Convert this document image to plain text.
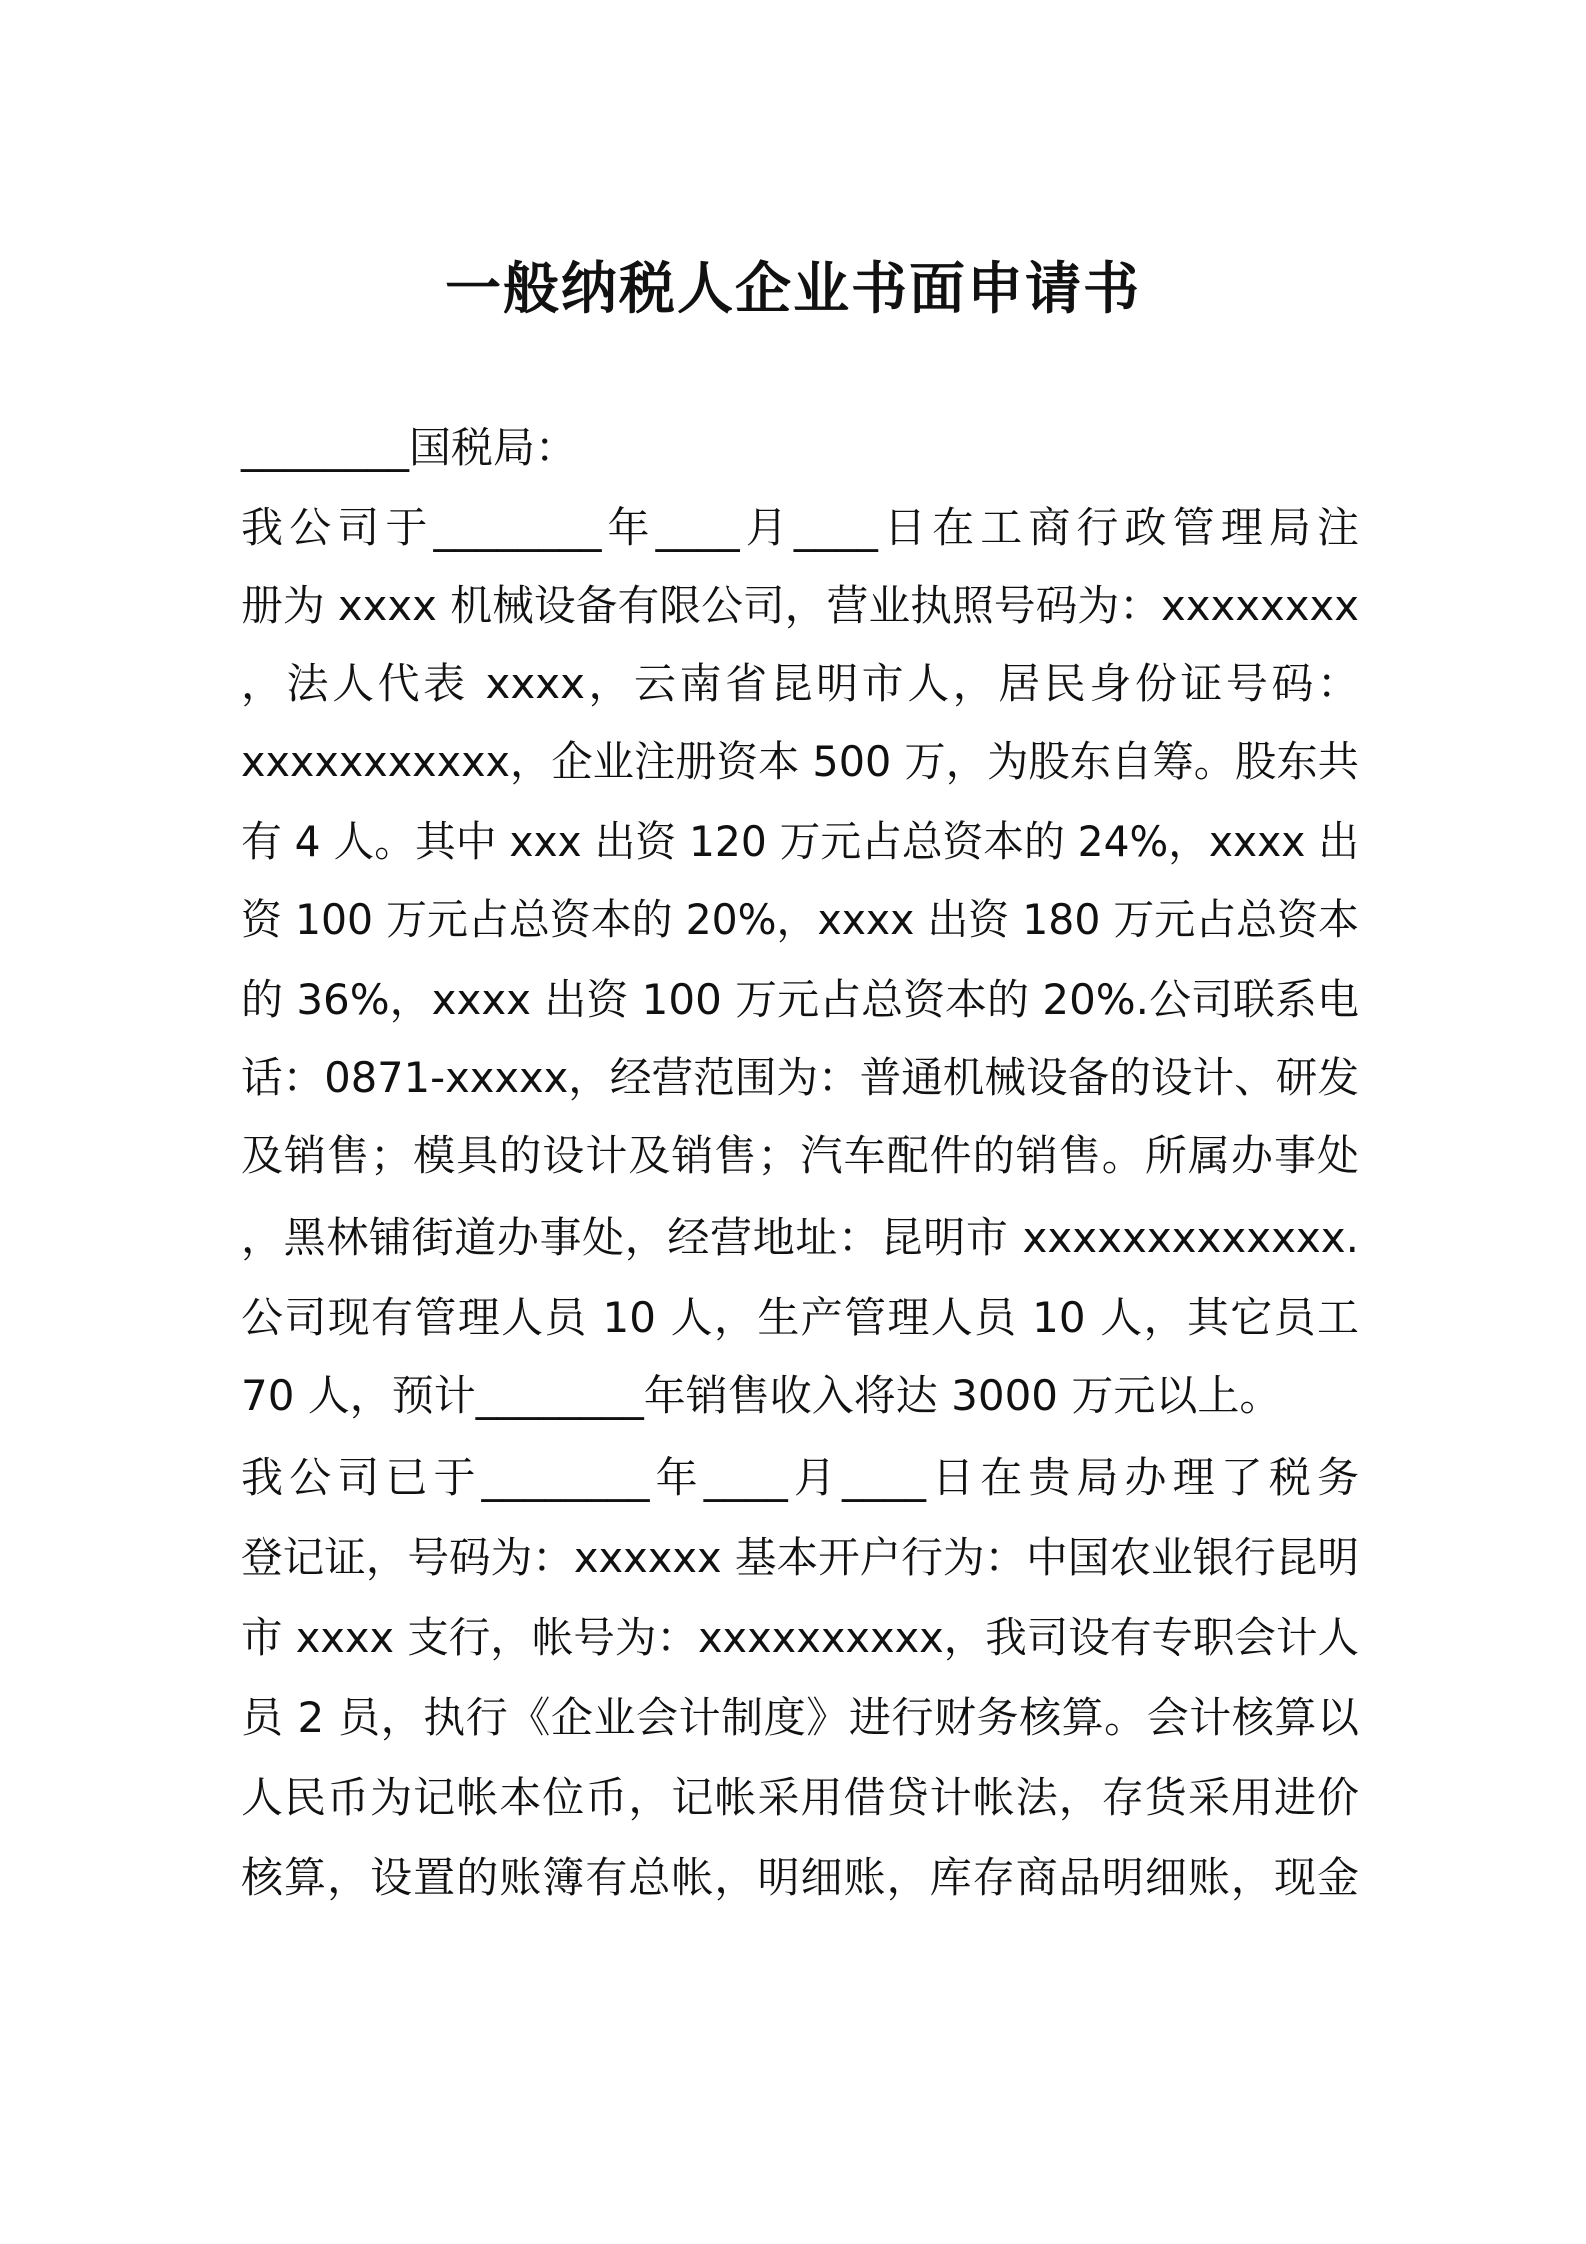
一般纳税人企业书面申请书
________国税局：
我公司于________年____月____日在工商行政管理局注
册为 xxxx 机械设备有限公司，营业执照号码为：xxxxxxxx
，法人代表 xxxx，云南省昆明市人，居民身份证号码：
xxxxxxxxxxx，企业注册资本 500 万，为股东自筹。股东共
有 4 人。其中 xxx 出资 120 万元占总资本的 24%，xxxx 出
资 100 万元占总资本的 20%，xxxx 出资 180 万元占总资本
的 36%，xxxx 出资 100 万元占总资本的 20%.公司联系电
话：0871-xxxxx，经营范围为：普通机械设备的设计、研发
及销售；模具的设计及销售；汽车配件的销售。所属办事处
，黑林铺街道办事处，经营地址：昆明市 xxxxxxxxxxxxx.
公司现有管理人员 10 人，生产管理人员 10 人，其它员工
70 人，预计________年销售收入将达 3000 万元以上。
我公司已于________年____月____日在贵局办理了税务
登记证，号码为：xxxxxx 基本开户行为：中国农业银行昆明
市 xxxx 支行，帐号为：xxxxxxxxxx，我司设有专职会计人
员 2 员，执行《企业会计制度》进行财务核算。会计核算以
人民币为记帐本位币，记帐采用借贷计帐法，存货采用进价
核算，设置的账簿有总帐，明细账，库存商品明细账，现金
